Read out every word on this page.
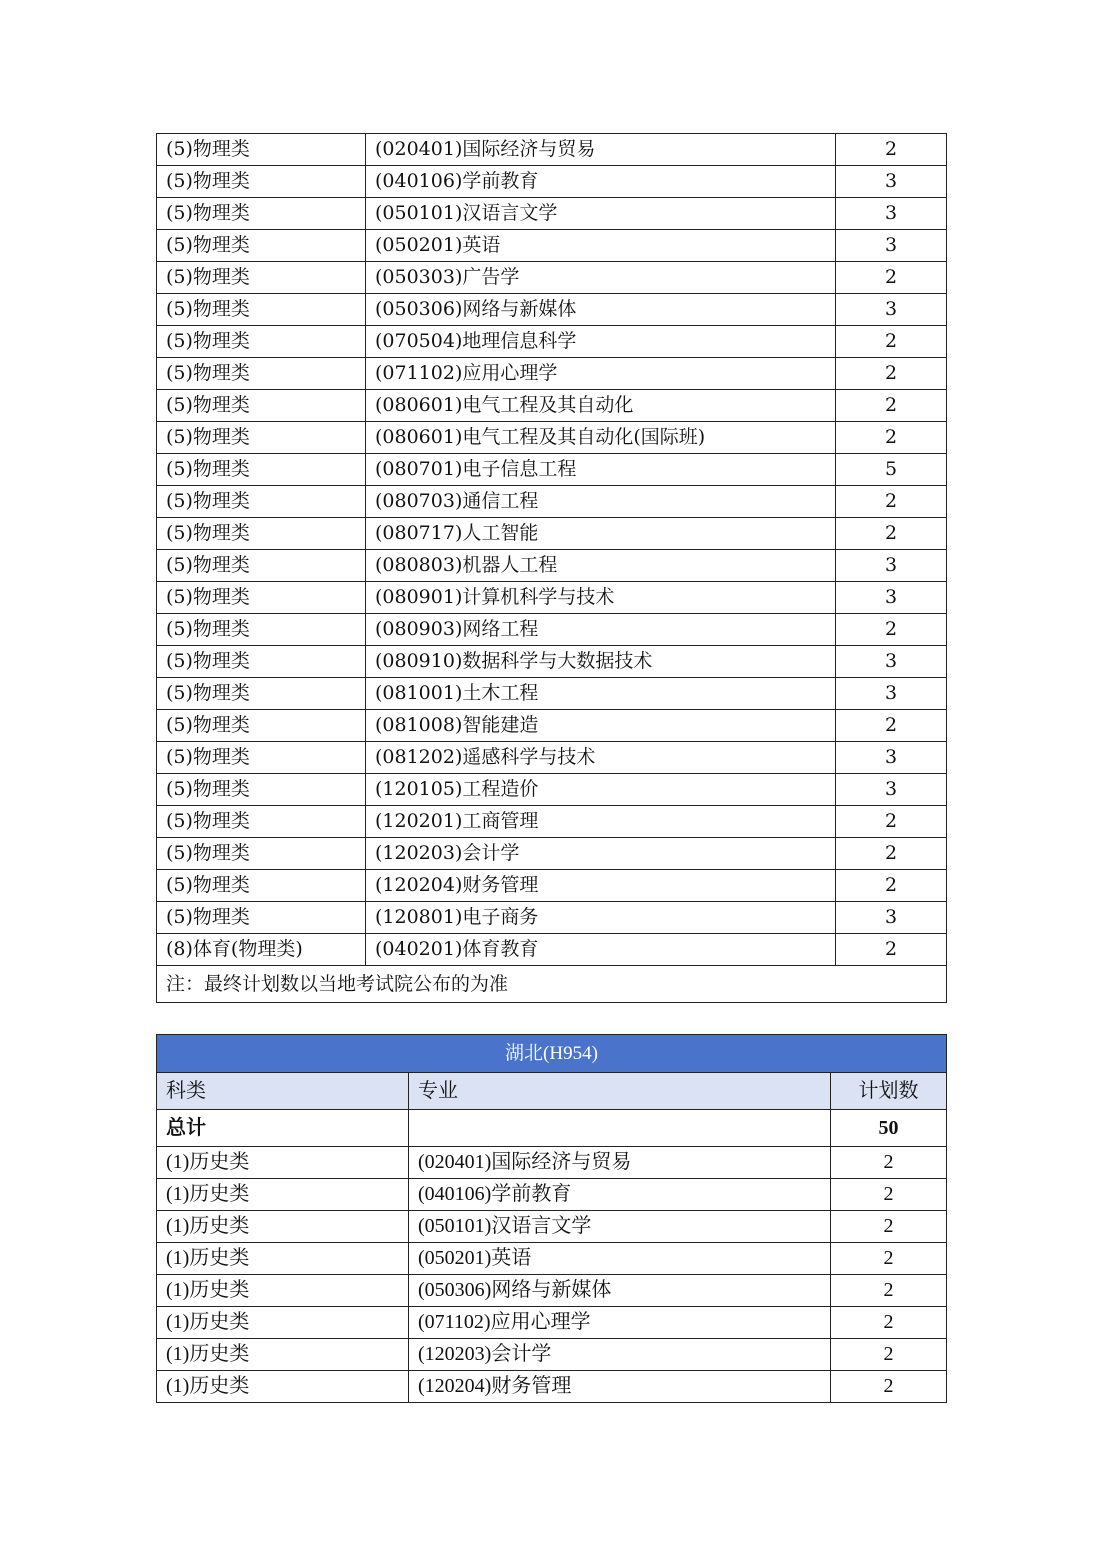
(5)物理类	(020401)国际经济与贸易	2
(5)物理类	(040106)学前教育	3
(5)物理类	(050101)汉语言文学	3
(5)物理类	(050201)英语	3
(5)物理类	(050303)广告学	2
(5)物理类	(050306)网络与新媒体	3
(5)物理类	(070504)地理信息科学	2
(5)物理类	(071102)应用心理学	2
(5)物理类	(080601)电气工程及其自动化	2
(5)物理类	(080601)电气工程及其自动化(国际班)	2
(5)物理类	(080701)电子信息工程	5
(5)物理类	(080703)通信工程	2
(5)物理类	(080717)人工智能	2
(5)物理类	(080803)机器人工程	3
(5)物理类	(080901)计算机科学与技术	3
(5)物理类	(080903)网络工程	2
(5)物理类	(080910)数据科学与大数据技术	3
(5)物理类	(081001)土木工程	3
(5)物理类	(081008)智能建造	2
(5)物理类	(081202)遥感科学与技术	3
(5)物理类	(120105)工程造价	3
(5)物理类	(120201)工商管理	2
(5)物理类	(120203)会计学	2
(5)物理类	(120204)财务管理	2
(5)物理类	(120801)电子商务	3
(8)体育(物理类)	(040201)体育教育	2
注：最终计划数以当地考试院公布的为准		
湖北(H954)		
科类	专业	计划数
总计		50
(1)历史类	(020401)国际经济与贸易	2
(1)历史类	(040106)学前教育	2
(1)历史类	(050101)汉语言文学	2
(1)历史类	(050201)英语	2
(1)历史类	(050306)网络与新媒体	2
(1)历史类	(071102)应用心理学	2
(1)历史类	(120203)会计学	2
(1)历史类	(120204)财务管理	2
